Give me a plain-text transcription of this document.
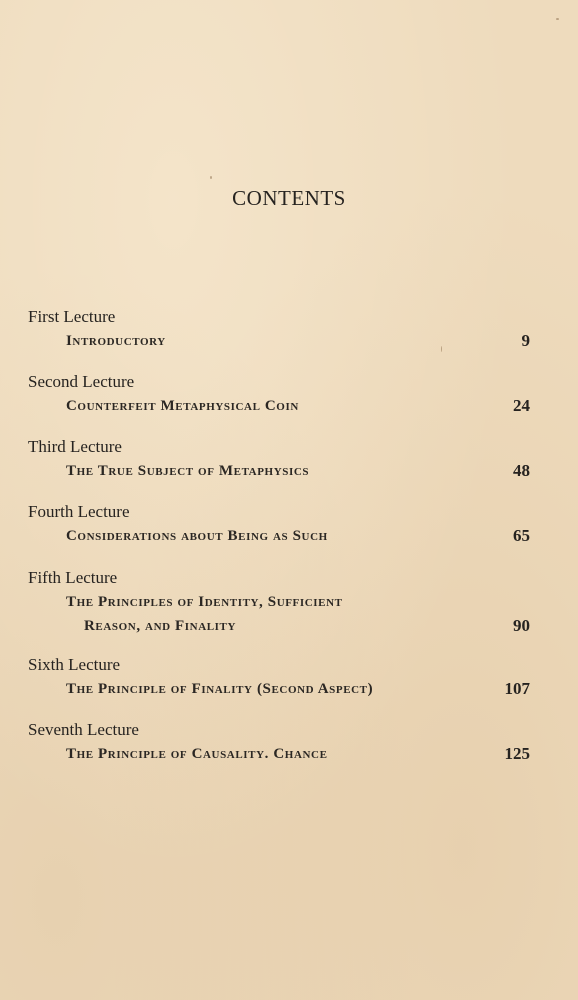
CONTENTS
First Lecture
Introductory	9
Second Lecture
Counterfeit Metaphysical Coin	24
Third Lecture
The True Subject of Metaphysics	48
Fourth Lecture
Considerations about Being as Such	65
Fifth Lecture
The Principles of Identity, Sufficient
Reason, and Finality	90
Sixth Lecture
The Principle of Finality (Second Aspect)	107
Seventh Lecture
The Principle of Causality. Chance	125
